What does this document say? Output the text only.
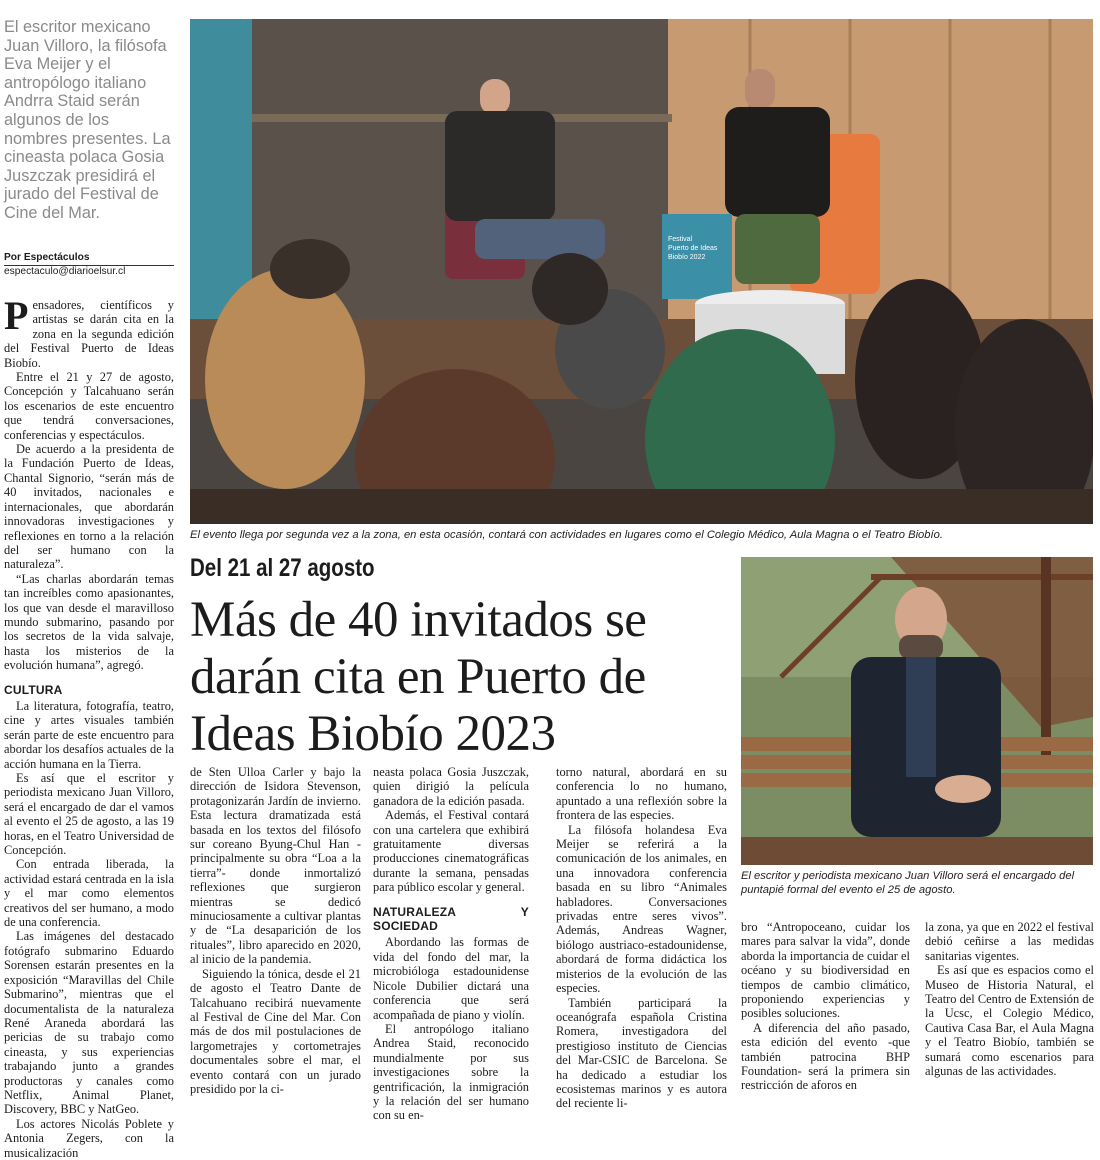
El escritor mexicano Juan Villoro, la filósofa Eva Meijer y el antropólogo italiano Andrra Staid serán algunos de los nombres presentes. La cineasta polaca Gosia Juszczak presidirá el jurado del Festival de Cine del Mar.
Por Espectáculos
espectaculo@diarioelsur.cl

Pensadores, científicos y artistas se darán cita en la zona en la segunda edición del Festival Puerto de Ideas Biobío.

Entre el 21 y 27 de agosto, Concepción y Talcahuano serán los escenarios de este encuentro que tendrá conversaciones, conferencias y espectáculos.

De acuerdo a la presidenta de la Fundación Puerto de Ideas, Chantal Signorio, “serán más de 40 invitados, nacionales e internacionales, que abordarán innovadoras investigaciones y reflexiones en torno a la relación del ser humano con la naturaleza”.

“Las charlas abordarán temas tan increíbles como apasionantes, los que van desde el maravilloso mundo submarino, pasando por los secretos de la vida salvaje, hasta los misterios de la evolución humana”, agregó.

CULTURA

La literatura, fotografía, teatro, cine y artes visuales también serán parte de este encuentro para abordar los desafíos actuales de la acción humana en la Tierra.

Es así que el escritor y periodista mexicano Juan Villoro, será el encargado de dar el vamos al evento el 25 de agosto, a las 19 horas, en el Teatro Universidad de Concepción.

Con entrada liberada, la actividad estará centrada en la isla y el mar como elementos creativos del ser humano, a modo de una conferencia.

Las imágenes del destacado fotógrafo submarino Eduardo Sorensen estarán presentes en la exposición “Maravillas del Chile Submarino”, mientras que el documentalista de la naturaleza René Araneda abordará las pericias de su trabajo como cineasta, y sus experiencias trabajando junto a grandes productoras y canales como Netflix, Animal Planet, Discovery, BBC y NatGeo.

Los actores Nicolás Poblete y Antonia Zegers, con la musicalización

Festival
Puerto de Ideas
Biobío 2022
El evento llega por segunda vez a la zona, en esta ocasión, contará con actividades en lugares como el Colegio Médico, Aula Magna o el Teatro Biobío.
Del 21 al 27 agosto
Más de 40 invitados se darán cita en Puerto de Ideas Biobío 2023
El escritor y periodista mexicano Juan Villoro será el encargado del puntapié formal del evento el 25 de agosto.

de Sten Ulloa Carler y bajo la dirección de Isidora Stevenson, protagonizarán Jardín de invierno. Esta lectura dramatizada está basada en los textos del filósofo sur coreano Byung-Chul Han -principalmente su obra “Loa a la tierra”- donde inmortalizó reflexiones que surgieron mientras se dedicó minuciosamente a cultivar plantas y de “La desaparición de los rituales”, libro aparecido en 2020, al inicio de la pandemia.

Siguiendo la tónica, desde el 21 de agosto el Teatro Dante de Talcahuano recibirá nuevamente al Festival de Cine del Mar. Con más de dos mil postulaciones de largometrajes y cortometrajes documentales sobre el mar, el evento contará con un jurado presidido por la ci-

neasta polaca Gosia Juszczak, quien dirigió la película ganadora de la edición pasada.

Además, el Festival contará con una cartelera que exhibirá gratuitamente diversas producciones cinematográficas durante la semana, pensadas para público escolar y general.

NATURALEZA Y SOCIEDAD

Abordando las formas de vida del fondo del mar, la microbióloga estadounidense Nicole Dubilier dictará una conferencia que será acompañada de piano y violín.

El antropólogo italiano Andrea Staid, reconocido mundialmente por sus investigaciones sobre la gentrificación, la inmigración y la relación del ser humano con su en-

torno natural, abordará en su conferencia lo no humano, apuntado a una reflexión sobre la frontera de las especies.

La filósofa holandesa Eva Meijer se referirá a la comunicación de los animales, en una innovadora conferencia basada en su libro “Animales habladores. Conversaciones privadas entre seres vivos”. Además, Andreas Wagner, biólogo austriaco-estadounidense, abordará de forma didáctica los misterios de la evolución de las especies.

También participará la oceanógrafa española Cristina Romera, investigadora del prestigioso instituto de Ciencias del Mar-CSIC de Barcelona. Se ha dedicado a estudiar los ecosistemas marinos y es autora del reciente li-

bro “Antropoceano, cuidar los mares para salvar la vida”, donde aborda la importancia de cuidar el océano y su biodiversidad en tiempos de cambio climático, proponiendo experiencias y posibles soluciones.

A diferencia del año pasado, esta edición del evento -que también patrocina BHP Foundation- será la primera sin restricción de aforos en

la zona, ya que en 2022 el festival debió ceñirse a las medidas sanitarias vigentes.

Es así que es espacios como el Museo de Historia Natural, el Teatro del Centro de Extensión de la Ucsc, el Colegio Médico, Cautiva Casa Bar, el Aula Magna y el Teatro Biobío, también se sumará como escenarios para algunas de las actividades.
